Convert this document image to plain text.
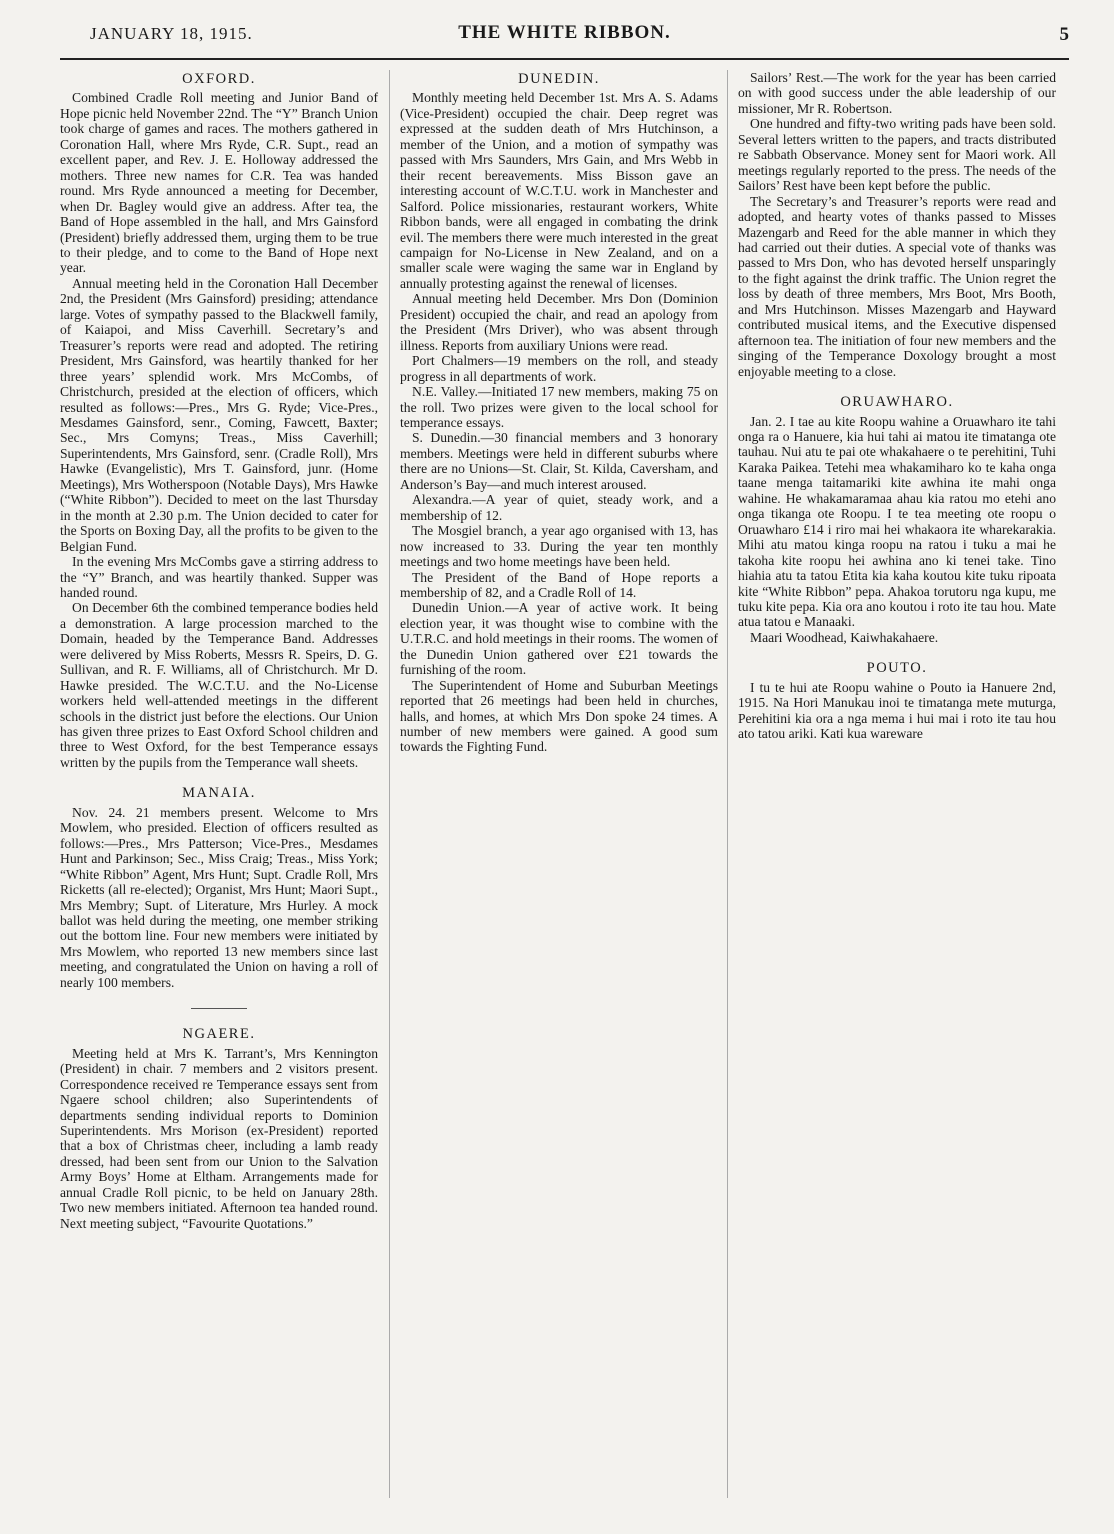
JANUARY 18, 1915.	THE WHITE RIBBON.	5
OXFORD.

Combined Cradle Roll meeting and Junior Band of Hope picnic held November 22nd. The “Y” Branch Union took charge of games and races. The mothers gathered in Coronation Hall, where Mrs Ryde, C.R. Supt., read an excellent paper, and Rev. J. E. Holloway addressed the mothers. Three new names for C.R. Tea was handed round. Mrs Ryde announced a meeting for December, when Dr. Bagley would give an address. After tea, the Band of Hope assembled in the hall, and Mrs Gainsford (President) briefly addressed them, urging them to be true to their pledge, and to come to the Band of Hope next year.

Annual meeting held in the Coronation Hall December 2nd, the President (Mrs Gainsford) presiding; attendance large. Votes of sympathy passed to the Blackwell family, of Kaiapoi, and Miss Caverhill. Secretary’s and Treasurer’s reports were read and adopted. The retiring President, Mrs Gainsford, was heartily thanked for her three years’ splendid work. Mrs McCombs, of Christchurch, presided at the election of officers, which resulted as follows:—Pres., Mrs G. Ryde; Vice-Pres., Mesdames Gainsford, senr., Coming, Fawcett, Baxter; Sec., Mrs Comyns; Treas., Miss Caverhill; Superintendents, Mrs Gainsford, senr. (Cradle Roll), Mrs Hawke (Evangelistic), Mrs T. Gainsford, junr. (Home Meetings), Mrs Wotherspoon (Notable Days), Mrs Hawke (“White Ribbon”). Decided to meet on the last Thursday in the month at 2.30 p.m. The Union decided to cater for the Sports on Boxing Day, all the profits to be given to the Belgian Fund.

In the evening Mrs McCombs gave a stirring address to the “Y” Branch, and was heartily thanked. Supper was handed round.

On December 6th the combined temperance bodies held a demonstration. A large procession marched to the Domain, headed by the Temperance Band. Addresses were delivered by Miss Roberts, Messrs R. Speirs, D. G. Sullivan, and R. F. Williams, all of Christchurch. Mr D. Hawke presided. The W.C.T.U. and the No-License workers held well-attended meetings in the different schools in the district just before the elections. Our Union has given three prizes to East Oxford School children and three to West Oxford, for the best Temperance essays written by the pupils from the Temperance wall sheets.

MANAIA.

Nov. 24. 21 members present. Welcome to Mrs Mowlem, who presided. Election of officers resulted as follows:—Pres., Mrs Patterson; Vice-Pres., Mesdames Hunt and Parkinson; Sec., Miss Craig; Treas., Miss York; “White Ribbon” Agent, Mrs Hunt; Supt. Cradle Roll, Mrs Ricketts (all re-elected); Organist, Mrs Hunt; Maori Supt., Mrs Membry; Supt. of Literature, Mrs Hurley. A mock ballot was held during the meeting, one member striking out the bottom line. Four new members were initiated by Mrs Mowlem, who reported 13 new members since last meeting, and congratulated the Union on having a roll of nearly 100 members.

NGAERE.

Meeting held at Mrs K. Tarrant’s, Mrs Kennington (President) in chair. 7 members and 2 visitors present. Correspondence received re Temperance essays sent from Ngaere school children; also Superintendents of departments sending individual reports to Dominion Superintendents. Mrs Morison (ex-President) reported that a box of Christmas cheer, including a lamb ready dressed, had been sent from our Union to the Salvation Army Boys’ Home at Eltham. Arrangements made for annual Cradle Roll picnic, to be held on January 28th. Two new members initiated. Afternoon tea handed round. Next meeting subject, “Favourite Quotations.”

DUNEDIN.

Monthly meeting held December 1st. Mrs A. S. Adams (Vice-President) occupied the chair. Deep regret was expressed at the sudden death of Mrs Hutchinson, a member of the Union, and a motion of sympathy was passed with Mrs Saunders, Mrs Gain, and Mrs Webb in their recent bereavements. Miss Bisson gave an interesting account of W.C.T.U. work in Manchester and Salford. Police missionaries, restaurant workers, White Ribbon bands, were all engaged in combating the drink evil. The members there were much interested in the great campaign for No-License in New Zealand, and on a smaller scale were waging the same war in England by annually protesting against the renewal of licenses.

Annual meeting held December. Mrs Don (Dominion President) occupied the chair, and read an apology from the President (Mrs Driver), who was absent through illness. Reports from auxiliary Unions were read.

Port Chalmers—19 members on the roll, and steady progress in all departments of work.

N.E. Valley.—Initiated 17 new members, making 75 on the roll. Two prizes were given to the local school for temperance essays.

S. Dunedin.—30 financial members and 3 honorary members. Meetings were held in different suburbs where there are no Unions—St. Clair, St. Kilda, Caversham, and Anderson’s Bay—and much interest aroused.

Alexandra.—A year of quiet, steady work, and a membership of 12.

The Mosgiel branch, a year ago organised with 13, has now increased to 33. During the year ten monthly meetings and two home meetings have been held.

The President of the Band of Hope reports a membership of 82, and a Cradle Roll of 14.

Dunedin Union.—A year of active work. It being election year, it was thought wise to combine with the U.T.R.C. and hold meetings in their rooms. The women of the Dunedin Union gathered over £21 towards the furnishing of the room.

The Superintendent of Home and Suburban Meetings reported that 26 meetings had been held in churches, halls, and homes, at which Mrs Don spoke 24 times. A number of new members were gained. A good sum towards the Fighting Fund.

Sailors’ Rest.—The work for the year has been carried on with good success under the able leadership of our missioner, Mr R. Robertson.

One hundred and fifty-two writing pads have been sold. Several letters written to the papers, and tracts distributed re Sabbath Observance. Money sent for Maori work. All meetings regularly reported to the press. The needs of the Sailors’ Rest have been kept before the public.

The Secretary’s and Treasurer’s reports were read and adopted, and hearty votes of thanks passed to Misses Mazengarb and Reed for the able manner in which they had carried out their duties. A special vote of thanks was passed to Mrs Don, who has devoted herself unsparingly to the fight against the drink traffic. The Union regret the loss by death of three members, Mrs Boot, Mrs Booth, and Mrs Hutchinson. Misses Mazengarb and Hayward contributed musical items, and the Executive dispensed afternoon tea. The initiation of four new members and the singing of the Temperance Doxology brought a most enjoyable meeting to a close.

ORUAWHARO.

Jan. 2. I tae au kite Roopu wahine a Oruawharo ite tahi onga ra o Hanuere, kia hui tahi ai matou ite timatanga ote tauhau. Nui atu te pai ote whakahaere o te perehitini, Tuhi Karaka Paikea. Tetehi mea whakamiharo ko te kaha onga taane menga taitamariki kite awhina ite mahi onga wahine. He whakamaramaa ahau kia ratou mo etehi ano onga tikanga ote Roopu. I te tea meeting ote roopu o Oruawharo £14 i riro mai hei whakaora ite wharekarakia. Mihi atu matou kinga roopu na ratou i tuku a mai he takoha kite roopu hei awhina ano ki tenei take. Tino hiahia atu ta tatou Etita kia kaha koutou kite tuku ripoata kite “White Ribbon” pepa. Ahakoa torutoru nga kupu, me tuku kite pepa. Kia ora ano koutou i roto ite tau hou. Mate atua tatou e Manaaki.

Maari Woodhead, Kaiwhakahaere.

POUTO.

I tu te hui ate Roopu wahine o Pouto ia Hanuere 2nd, 1915. Na Hori Manukau inoi te timatanga mete muturga, Perehitini kia ora a nga mema i hui mai i roto ite tau hou ato tatou ariki. Kati kua wareware
